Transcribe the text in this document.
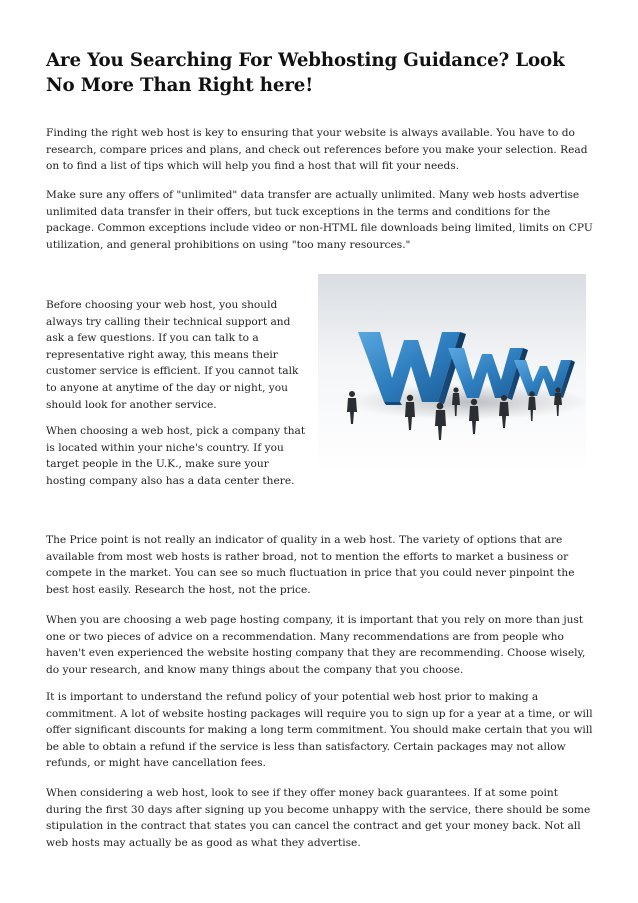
Are You Searching For Webhosting Guidance? Look No More Than Right here!

Finding the right web host is key to ensuring that your website is always available. You have to do research, compare prices and plans, and check out references before you make your selection. Read on to find a list of tips which will help you find a host that will fit your needs.

Make sure any offers of "unlimited" data transfer are actually unlimited. Many web hosts advertise unlimited data transfer in their offers, but tuck exceptions in the terms and conditions for the package. Common exceptions include video or non-HTML file downloads being limited, limits on CPU utilization, and general prohibitions on using "too many resources."

Before choosing your web host, you should always try calling their technical support and ask a few questions. If you can talk to a representative right away, this means their customer service is efficient. If you cannot talk to anyone at anytime of the day or night, you should look for another service.

When choosing a web host, pick a company that is located within your niche's country. If you target people in the U.K., make sure your hosting company also has a data center there.

The Price point is not really an indicator of quality in a web host. The variety of options that are available from most web hosts is rather broad, not to mention the efforts to market a business or compete in the market. You can see so much fluctuation in price that you could never pinpoint the best host easily. Research the host, not the price.

When you are choosing a web page hosting company, it is important that you rely on more than just one or two pieces of advice on a recommendation. Many recommendations are from people who haven't even experienced the website hosting company that they are recommending. Choose wisely, do your research, and know many things about the company that you choose.

It is important to understand the refund policy of your potential web host prior to making a commitment. A lot of website hosting packages will require you to sign up for a year at a time, or will offer significant discounts for making a long term commitment. You should make certain that you will be able to obtain a refund if the service is less than satisfactory. Certain packages may not allow refunds, or might have cancellation fees.

When considering a web host, look to see if they offer money back guarantees. If at some point during the first 30 days after signing up you become unhappy with the service, there should be some stipulation in the contract that states you can cancel the contract and get your money back. Not all web hosts may actually be as good as what they advertise.
